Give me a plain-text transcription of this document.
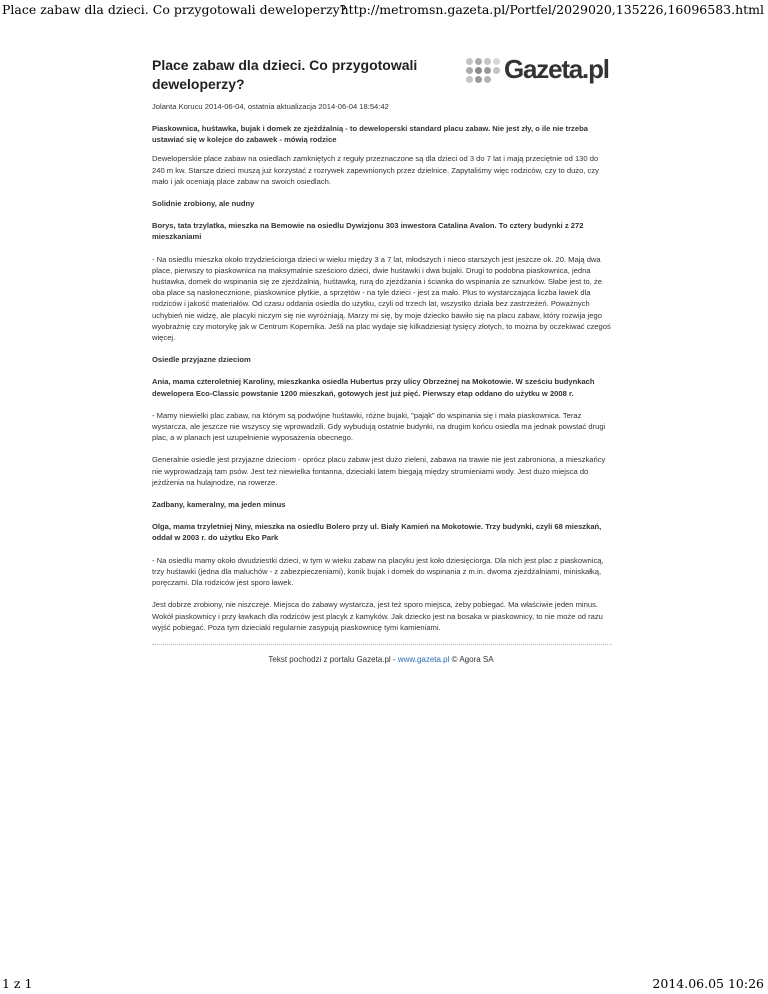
Place zabaw dla dzieci. Co przygotowali deweloperzy?
http://metromsn.gazeta.pl/Portfel/2029020,135226,16096583.html
Place zabaw dla dzieci. Co przygotowali deweloperzy?	Gazeta.pl
Jolanta Korucu 2014-06-04, ostatnia aktualizacja 2014-06-04 18:54:42
Piaskownica, huśtawka, bujak i domek ze zjeżdżalnią - to deweloperski standard placu zabaw. Nie jest zły, o ile nie trzeba ustawiać się w kolejce do zabawek - mówią rodzice
Deweloperskie place zabaw na osiedlach zamkniętych z reguły przeznaczone są dla dzieci od 3 do 7 lat i mają przeciętnie od 130 do 240 m kw. Starsze dzieci muszą już korzystać z rozrywek zapewnionych przez dzielnice. Zapytaliśmy więc rodziców, czy to dużo, czy mało i jak oceniają place zabaw na swoich osiedlach.
Solidnie zrobiony, ale nudny
Borys, tata trzylatka, mieszka na Bemowie na osiedlu Dywizjonu 303 inwestora Catalina Avalon. To cztery budynki z 272 mieszkaniami
- Na osiedlu mieszka około trzydzieściorga dzieci w wieku między 3 a 7 lat, młodszych i nieco starszych jest jeszcze ok. 20. Mają dwa place, pierwszy to piaskownica na maksymalnie sześcioro dzieci, dwie huśtawki i dwa bujaki. Drugi to podobna piaskownica, jedna huśtawka, domek do wspinania się ze zjeżdżalnią, huśtawką, rurą do zjeżdżania i ścianka do wspinania ze sznurków. Słabe jest to, że oba place są nasłonecznione, piaskownice płytkie, a sprzętów - na tyle dzieci - jest za mało. Plus to wystarczająca liczba ławek dla rodziców i jakość materiałów. Od czasu oddania osiedla do użytku, czyli od trzech lat, wszystko działa bez zastrzeżeń. Poważnych uchybień nie widzę, ale placyki niczym się nie wyróżniają. Marzy mi się, by moje dziecko bawiło się na placu zabaw, który rozwija jego wyobraźnię czy motorykę jak w Centrum Kopernika. Jeśli na plac wydaje się kilkadziesiąt tysięcy złotych, to można by oczekiwać czegoś więcej.
Osiedle przyjazne dzieciom
Ania, mama czteroletniej Karoliny, mieszkanka osiedla Hubertus przy ulicy Obrzeżnej na Mokotowie. W sześciu budynkach dewelopera Eco-Classic powstanie 1200 mieszkań, gotowych jest już pięć. Pierwszy etap oddano do użytku w 2008 r.
- Mamy niewielki plac zabaw, na którym są podwójne huśtawki, różne bujaki, "pająk" do wspinania się i mała piaskownica. Teraz wystarcza, ale jeszcze nie wszyscy się wprowadzili. Gdy wybudują ostatnie budynki, na drugim końcu osiedla ma jednak powstać drugi plac, a w planach jest uzupełnienie wyposażenia obecnego.
Generalnie osiedle jest przyjazne dzieciom - oprócz placu zabaw jest dużo zieleni, zabawa na trawie nie jest zabroniona, a mieszkańcy nie wyprowadzają tam psów. Jest też niewielka fontanna, dzieciaki latem biegają między strumieniami wody. Jest dużo miejsca do jeżdżenia na hulajnodze, na rowerze.
Zadbany, kameralny, ma jeden minus
Olga, mama trzyletniej Niny, mieszka na osiedlu Bolero przy ul. Biały Kamień na Mokotowie. Trzy budynki, czyli 68 mieszkań, oddał w 2003 r. do użytku Eko Park
- Na osiedlu mamy około dwudziestki dzieci, w tym w wieku zabaw na placyku jest koło dziesięciorga. Dla nich jest plac z piaskownicą, trzy huśtawki (jedna dla maluchów - z zabezpieczeniami), konik bujak i domek do wspinania z m.in. dwoma zjeżdżalniami, miniskałką, poręczami. Dla rodziców jest sporo ławek.
Jest dobrze zrobiony, nie niszczeje. Miejsca do zabawy wystarcza, jest też sporo miejsca, żeby pobiegać. Ma właściwie jeden minus. Wokół piaskownicy i przy ławkach dla rodziców jest placyk z kamyków. Jak dziecko jest na bosaka w piaskownicy, to nie może od razu wyjść pobiegać. Poza tym dzieciaki regularnie zasypują piaskownicę tymi kamieniami.
Tekst pochodzi z portalu Gazeta.pl - www.gazeta.pl © Agora SA
1 z 1	2014.06.05 10:26
